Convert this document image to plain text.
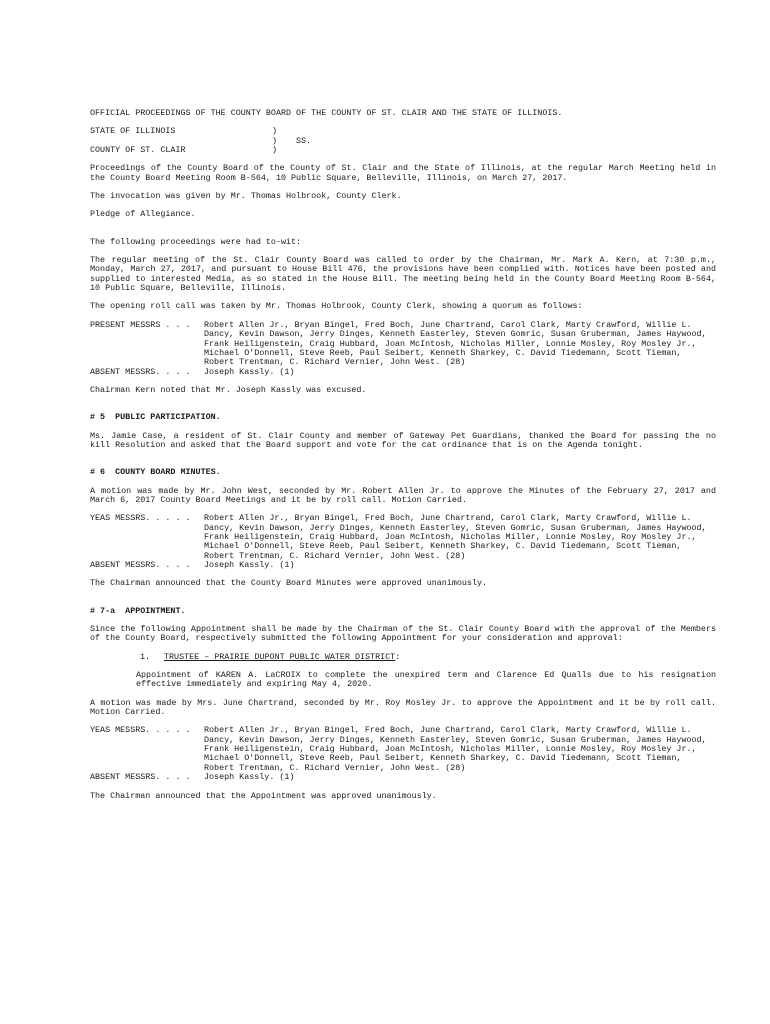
OFFICIAL PROCEEDINGS OF THE COUNTY BOARD OF THE COUNTY OF ST. CLAIR AND THE STATE OF ILLINOIS.

STATE OF ILLINOIS	)	
	)	SS.
COUNTY OF ST. CLAIR	)	

Proceedings of the County Board of the County of St. Clair and the State of Illinois, at the regular March Meeting held in the County Board Meeting Room B-564, 10 Public Square, Belleville, Illinois, on March 27, 2017.

The invocation was given by Mr. Thomas Holbrook, County Clerk.

Pledge of Allegiance.

The following proceedings were had to-wit:

The regular meeting of the St. Clair County Board was called to order by the Chairman, Mr. Mark A. Kern, at 7:30 p.m., Monday, March 27, 2017, and pursuant to House Bill 476, the provisions have been complied with. Notices have been posted and supplied to interested Media, as so stated in the House Bill. The meeting being held in the County Board Meeting Room B-564, 10 Public Square, Belleville, Illinois.

The opening roll call was taken by Mr. Thomas Holbrook, County Clerk, showing a quorum as follows:

PRESENT MESSRS . . .	Robert Allen Jr., Bryan Bingel, Fred Boch, June Chartrand, Carol Clark, Marty Crawford, Willie L. Dancy, Kevin Dawson, Jerry Dinges, Kenneth Easterley, Steven Gomric, Susan Gruberman, James Haywood, Frank Heiligenstein, Craig Hubbard, Joan McIntosh, Nicholas Miller, Lonnie Mosley, Roy Mosley Jr., Michael O'Donnell, Steve Reeb, Paul Seibert, Kenneth Sharkey, C. David Tiedemann, Scott Tieman, Robert Trentman, C. Richard Vernier, John West. (28)
ABSENT MESSRS. . . .	Joseph Kassly. (1)

Chairman Kern noted that Mr. Joseph Kassly was excused.

# 5  PUBLIC PARTICIPATION.

Ms. Jamie Case, a resident of St. Clair County and member of Gateway Pet Guardians, thanked the Board for passing the no kill Resolution and asked that the Board support and vote for the cat ordinance that is on the Agenda tonight.

# 6  COUNTY BOARD MINUTES.

A motion was made by Mr. John West, seconded by Mr. Robert Allen Jr. to approve the Minutes of the February 27, 2017 and March 6, 2017 County Board Meetings and it be by roll call. Motion Carried.

YEAS MESSRS. . . . .	Robert Allen Jr., Bryan Bingel, Fred Boch, June Chartrand, Carol Clark, Marty Crawford, Willie L. Dancy, Kevin Dawson, Jerry Dinges, Kenneth Easterley, Steven Gomric, Susan Gruberman, James Haywood, Frank Heiligenstein, Craig Hubbard, Joan McIntosh, Nicholas Miller, Lonnie Mosley, Roy Mosley Jr., Michael O'Donnell, Steve Reeb, Paul Seibert, Kenneth Sharkey, C. David Tiedemann, Scott Tieman, Robert Trentman, C. Richard Vernier, John West. (28)
ABSENT MESSRS. . . .	Joseph Kassly. (1)

The Chairman announced that the County Board Minutes were approved unanimously.

# 7-a  APPOINTMENT.

Since the following Appointment shall be made by the Chairman of the St. Clair County Board with the approval of the Members of the County Board, respectively submitted the following Appointment for your consideration and approval:

1. TRUSTEE – PRAIRIE DUPONT PUBLIC WATER DISTRICT:

Appointment of KAREN A. LaCROIX to complete the unexpired term and Clarence Ed Qualls due to his resignation effective immediately and expiring May 4, 2020.

A motion was made by Mrs. June Chartrand, seconded by Mr. Roy Mosley Jr. to approve the Appointment and it be by roll call. Motion Carried.

YEAS MESSRS. . . . .	Robert Allen Jr., Bryan Bingel, Fred Boch, June Chartrand, Carol Clark, Marty Crawford, Willie L. Dancy, Kevin Dawson, Jerry Dinges, Kenneth Easterley, Steven Gomric, Susan Gruberman, James Haywood, Frank Heiligenstein, Craig Hubbard, Joan McIntosh, Nicholas Miller, Lonnie Mosley, Roy Mosley Jr., Michael O'Donnell, Steve Reeb, Paul Seibert, Kenneth Sharkey, C. David Tiedemann, Scott Tieman, Robert Trentman, C. Richard Vernier, John West. (28)
ABSENT MESSRS. . . .	Joseph Kassly. (1)

The Chairman announced that the Appointment was approved unanimously.
